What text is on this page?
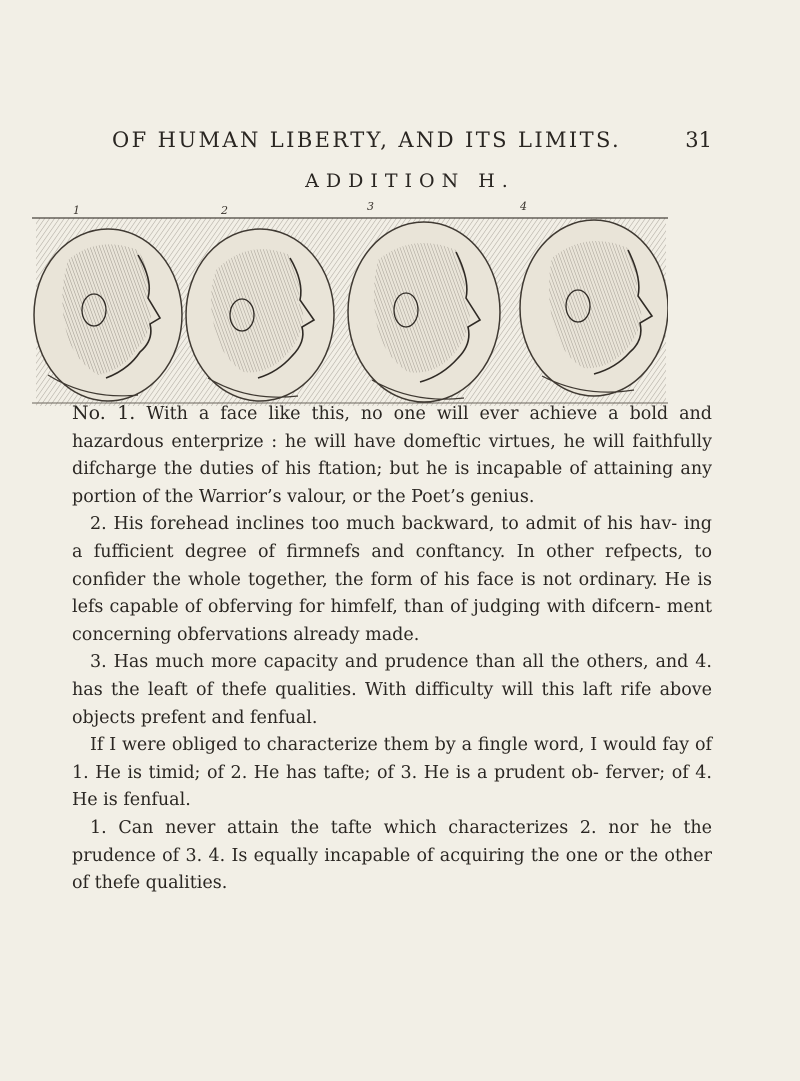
OF HUMAN LIBERTY, AND ITS LIMITS.	31
ADDITION H.
1	2	3	4

No. 1. With a face like this, no one will ever achieve a bold and hazardous enterprize : he will have domeftic virtues, he will faithfully difcharge the duties of his ftation; but he is incapable of attaining any portion of the Warrior’s valour, or the Poet’s genius.

2. His forehead inclines too much backward, to admit of his hav- ing a fufficient degree of firmnefs and conftancy. In other refpects, to confider the whole together, the form of his face is not ordinary. He is lefs capable of obferving for himfelf, than of judging with difcern- ment concerning obfervations already made.

3. Has much more capacity and prudence than all the others, and 4. has the leaft of thefe qualities. With difficulty will this laft rife above objects prefent and fenfual.

If I were obliged to characterize them by a fingle word, I would fay of 1. He is timid; of 2. He has tafte; of 3. He is a prudent ob- ferver; of 4. He is fenfual.

1. Can never attain the tafte which characterizes 2. nor he the prudence of 3. 4. Is equally incapable of acquiring the one or the other of thefe qualities.
